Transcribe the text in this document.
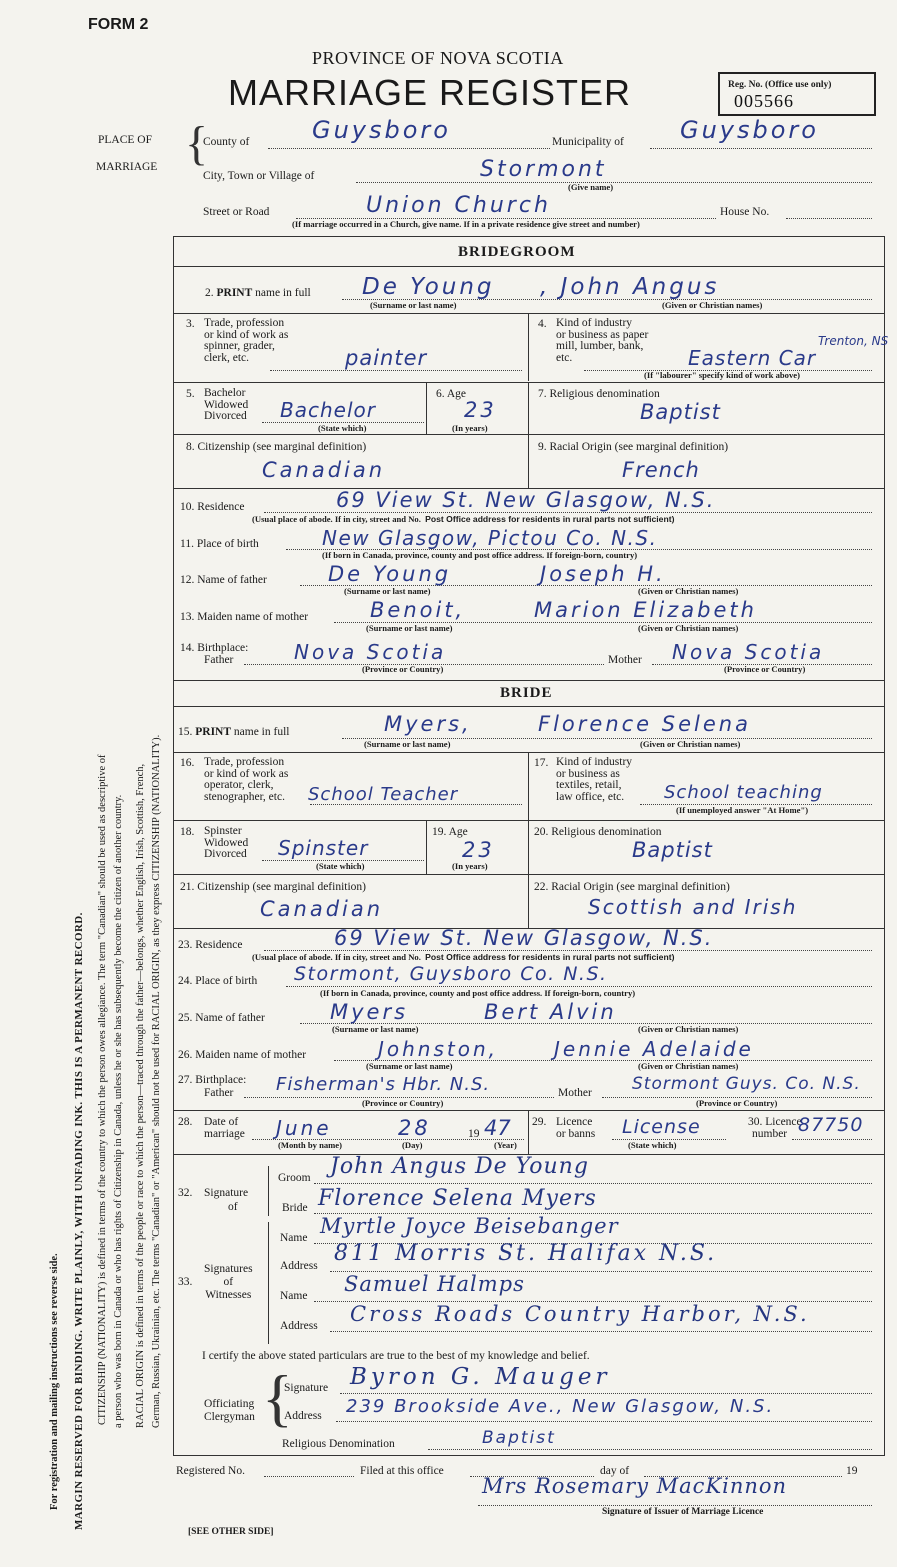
FORM 2
PROVINCE OF NOVA SCOTIA
MARRIAGE REGISTER	Reg. No. (Office use only)
005566
For registration and mailing instructions see reverse side. MARGIN RESERVED FOR BINDING. WRITE PLAINLY, WITH UNFADING INK. THIS IS A PERMANENT RECORD. CITIZENSHIP (NATIONALITY) is defined in terms of the country to which the person owes allegiance. The term "Canadian" should be used as descriptive of a person who was born in Canada or who has rights of Citizenship in Canada, unless he or she has subsequently become the citizen of another country. RACIAL ORIGIN is defined in terms of the people or race to which the person—traced through the father—belongs, whether English, Irish, Scottish, French, German, Russian, Ukrainian, etc. The terms "Canadian" or "American" should not be used for RACIAL ORIGIN, as they express CITIZENSHIP (NATIONALITY).
PLACE OF
MARRIAGE {
County of	Guysboro	Municipality of Guysboro
City, Town or Village of	Stormont
(Give name)
Street or Road	Union Church	House No.
(If marriage occurred in a Church, give name. If in a private residence give street and number)
BRIDEGROOM
2. PRINT name in full De Young , John Angus
(Surname or last name)	(Given or Christian names)
3. Trade, profession
or kind of work as
spinner, grader,
clerk, etc.	painter
4. Kind of industry
or business as paper
mill, lumber, bank,
etc.	Eastern Car
Trenton, NS
(If "labourer" specify kind of work above)
5. Bachelor
Widowed
Divorced Bachelor
(State which)
6. Age
23
(In years)
7. Religious denomination
Baptist
8. Citizenship (see marginal definition)
Canadian
9. Racial Origin (see marginal definition)
French
10. Residence	69 View St. New Glasgow, N.S.
(Usual place of abode. If in city, street and No. Post Office address for residents in rural parts not sufficient)
11. Place of birth	New Glasgow, Pictou Co. N.S.
(If born in Canada, province, county and post office address. If foreign-born, country)
12. Name of father	De Young	Joseph H.
(Surname or last name)	(Given or Christian names)
13. Maiden name of mother	Benoit,	Marion Elizabeth
(Surname or last name)	(Given or Christian names)
14. Birthplace:
Father	Nova Scotia	Mother Nova Scotia
(Province or Country)	(Province or Country)
BRIDE
15. PRINT name in full	Myers,	Florence Selena
(Surname or last name)	(Given or Christian names)
16. Trade, profession
or kind of work as
operator, clerk,
stenographer, etc. School Teacher
17. Kind of industry
or business as
textiles, retail,
law office, etc.	School teaching
(If unemployed answer "At Home")
18. Spinster
Widowed
Divorced Spinster
(State which)
19. Age
23
(In years)
20. Religious denomination
Baptist
21. Citizenship (see marginal definition)
Canadian
22. Racial Origin (see marginal definition)
Scottish and Irish
23. Residence	69 View St. New Glasgow, N.S.
(Usual place of abode. If in city, street and No. Post Office address for residents in rural parts not sufficient)
24. Place of birth Stormont, Guysboro Co. N.S.
(If born in Canada, province, county and post office address. If foreign-born, country)
25. Name of father	Myers	Bert Alvin
(Surname or last name)	(Given or Christian names)
26. Maiden name of mother	Johnston,	Jennie Adelaide
(Surname or last name)	(Given or Christian names)
27. Birthplace:
Father Fisherman's Hbr. N.S.	Mother Stormont Guys. Co. N.S.
(Province or Country)	(Province or Country)
28. Date of
marriage June	28	19 47
(Month by name)	(Day)	(Year)
29. Licence
or banns License
(State which)
30. Licence
number 87750
32. Signature
of
Groom John Angus De Young
Bride Florence Selena Myers
33.
Signatures
of
Witnesses
Name Myrtle Joyce Beisebanger
Address 811 Morris St. Halifax N.S.
Name Samuel Halmps
Address Cross Roads Country Harbor, N.S.
I certify the above stated particulars are true to the best of my knowledge and belief.
Officiating
Clergyman {
Signature Byron G. Mauger
Address 239 Brookside Ave., New Glasgow, N.S.
Religious Denomination	Baptist
Registered No.	Filed at this office	day of	19
Mrs Rosemary MacKinnon
Signature of Issuer of Marriage Licence
[SEE OTHER SIDE]
